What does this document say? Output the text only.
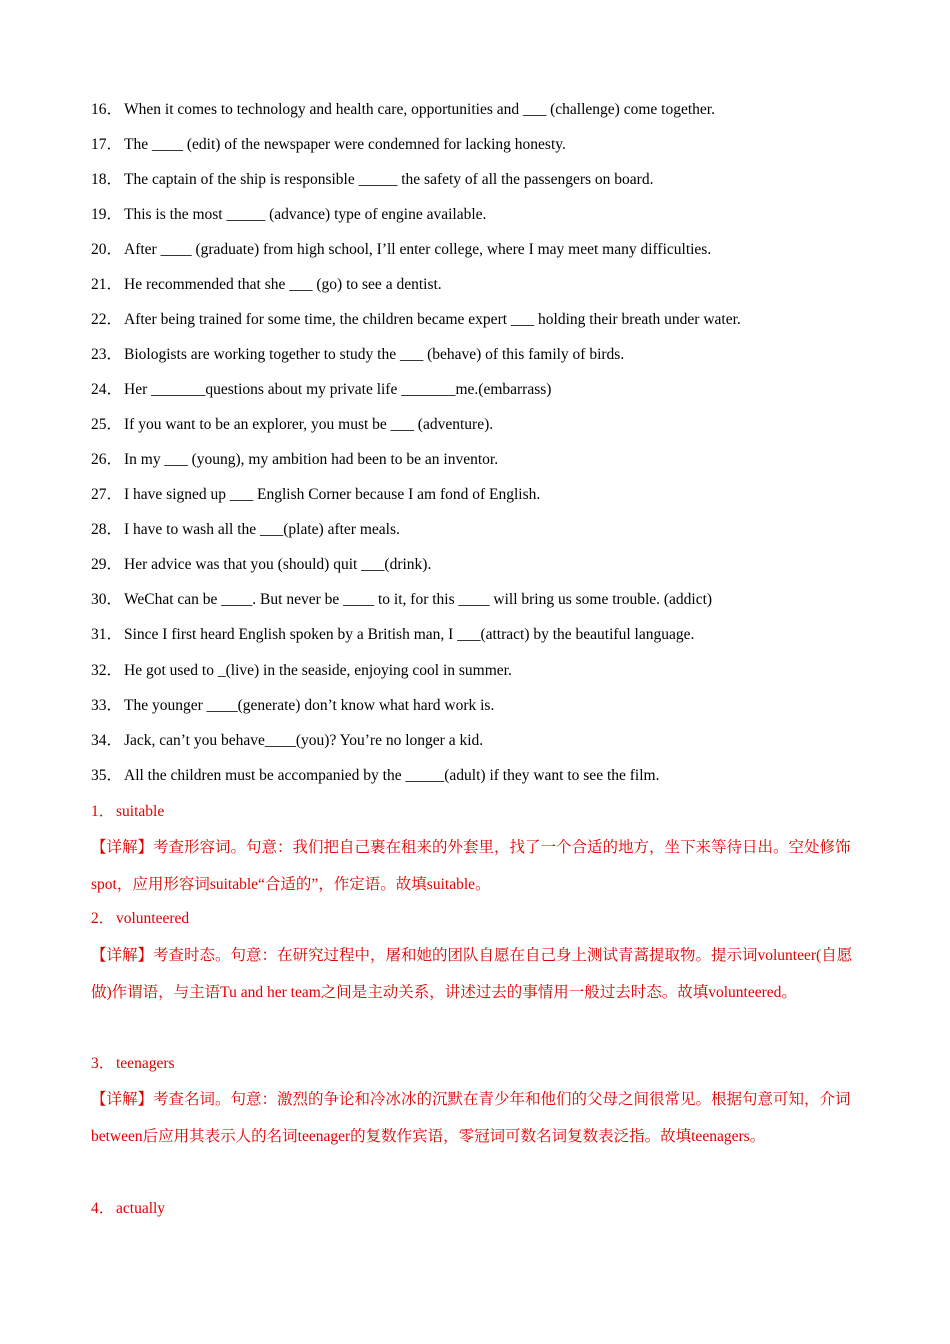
16． When it comes to technology and health care, opportunities and ___ (challenge) come together.
17． The ____ (edit) of the newspaper were condemned for lacking honesty.
18． The captain of the ship is responsible _____ the safety of all the passengers on board.
19． This is the most _____ (advance) type of engine available.
20． After ____ (graduate) from high school, I’ll enter college, where I may meet many difficulties.
21． He recommended that she ___ (go) to see a dentist.
22． After being trained for some time, the children became expert ___ holding their breath under water.
23． Biologists are working together to study the ___ (behave) of this family of birds.
24． Her _______questions about my private life _______me.(embarrass)
25． If you want to be an explorer, you must be ___ (adventure).
26． In my ___ (young), my ambition had been to be an inventor.
27． I have signed up ___ English Corner because I am fond of English.
28． I have to wash all the ___(plate) after meals.
29． Her advice was that you (should) quit ___(drink).
30． WeChat can be ____. But never be ____ to it, for this ____ will bring us some trouble. (addict)
31． Since I first heard English spoken by a British man, I ___(attract) by the beautiful language.
32． He got used to _(live) in the seaside, enjoying cool in summer.
33． The younger ____(generate) don’t know what hard work is.
34． Jack, can’t you behave____(you)? You’re no longer a kid.
35． All the children must be accompanied by the _____(adult) if they want to see the film.
1． suitable
【详解】考查形容词。句意：我们把自己裹在租来的外套里，找了一个合适的地方，坐下来等待日出。空处修饰spot，应用形容词suitable“合适的”，作定语。故填suitable。
2． volunteered
【详解】考查时态。句意：在研究过程中，屠和她的团队自愿在自己身上测试青蒿提取物。提示词volunteer(自愿做)作谓语，与主语Tu and her team之间是主动关系，讲述过去的事情用一般过去时态。故填volunteered。
3． teenagers
【详解】考查名词。句意：激烈的争论和冷冰冰的沉默在青少年和他们的父母之间很常见。根据句意可知，介词between后应用其表示人的名词teenager的复数作宾语，零冠词可数名词复数表泛指。故填teenagers。
4． actually
